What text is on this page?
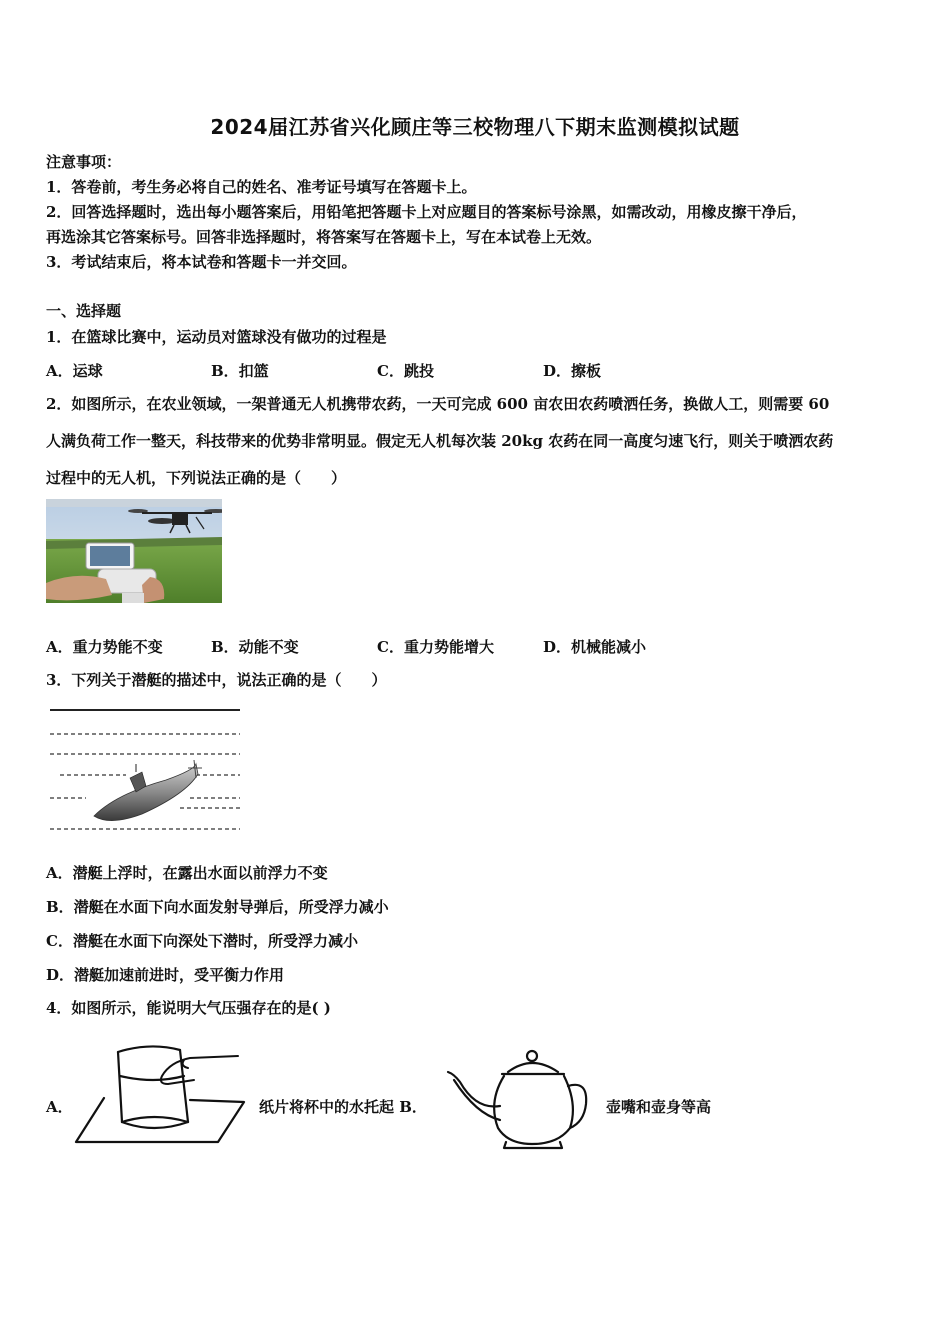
2024届江苏省兴化顾庄等三校物理八下期末监测模拟试题
注意事项：
1．答卷前，考生务必将自己的姓名、准考证号填写在答题卡上。
2．回答选择题时，选出每小题答案后，用铅笔把答题卡上对应题目的答案标号涂黑，如需改动，用橡皮擦干净后，
再选涂其它答案标号。回答非选择题时，将答案写在答题卡上，写在本试卷上无效。
3．考试结束后，将本试卷和答题卡一并交回。
一、选择题
1．在篮球比赛中，运动员对篮球没有做功的过程是
A．运球	B．扣篮	C．跳投	D．擦板
2．如图所示，在农业领域，一架普通无人机携带农药，一天可完成 600 亩农田农药喷洒任务，换做人工，则需要 60
人满负荷工作一整天，科技带来的优势非常明显。假定无人机每次装 20kg 农药在同一高度匀速飞行，则关于喷洒农药
过程中的无人机，下列说法正确的是（　　）
A．重力势能不变	B．动能不变	C．重力势能增大	D．机械能减小
3．下列关于潜艇的描述中，说法正确的是（　　）
A．潜艇上浮时，在露出水面以前浮力不变
B．潜艇在水面下向水面发射导弹后，所受浮力减小
C．潜艇在水面下向深处下潜时，所受浮力减小
D．潜艇加速前进时，受平衡力作用
4．如图所示，能说明大气压强存在的是( )
A．	纸片将杯中的水托起 B．	壶嘴和壶身等高
